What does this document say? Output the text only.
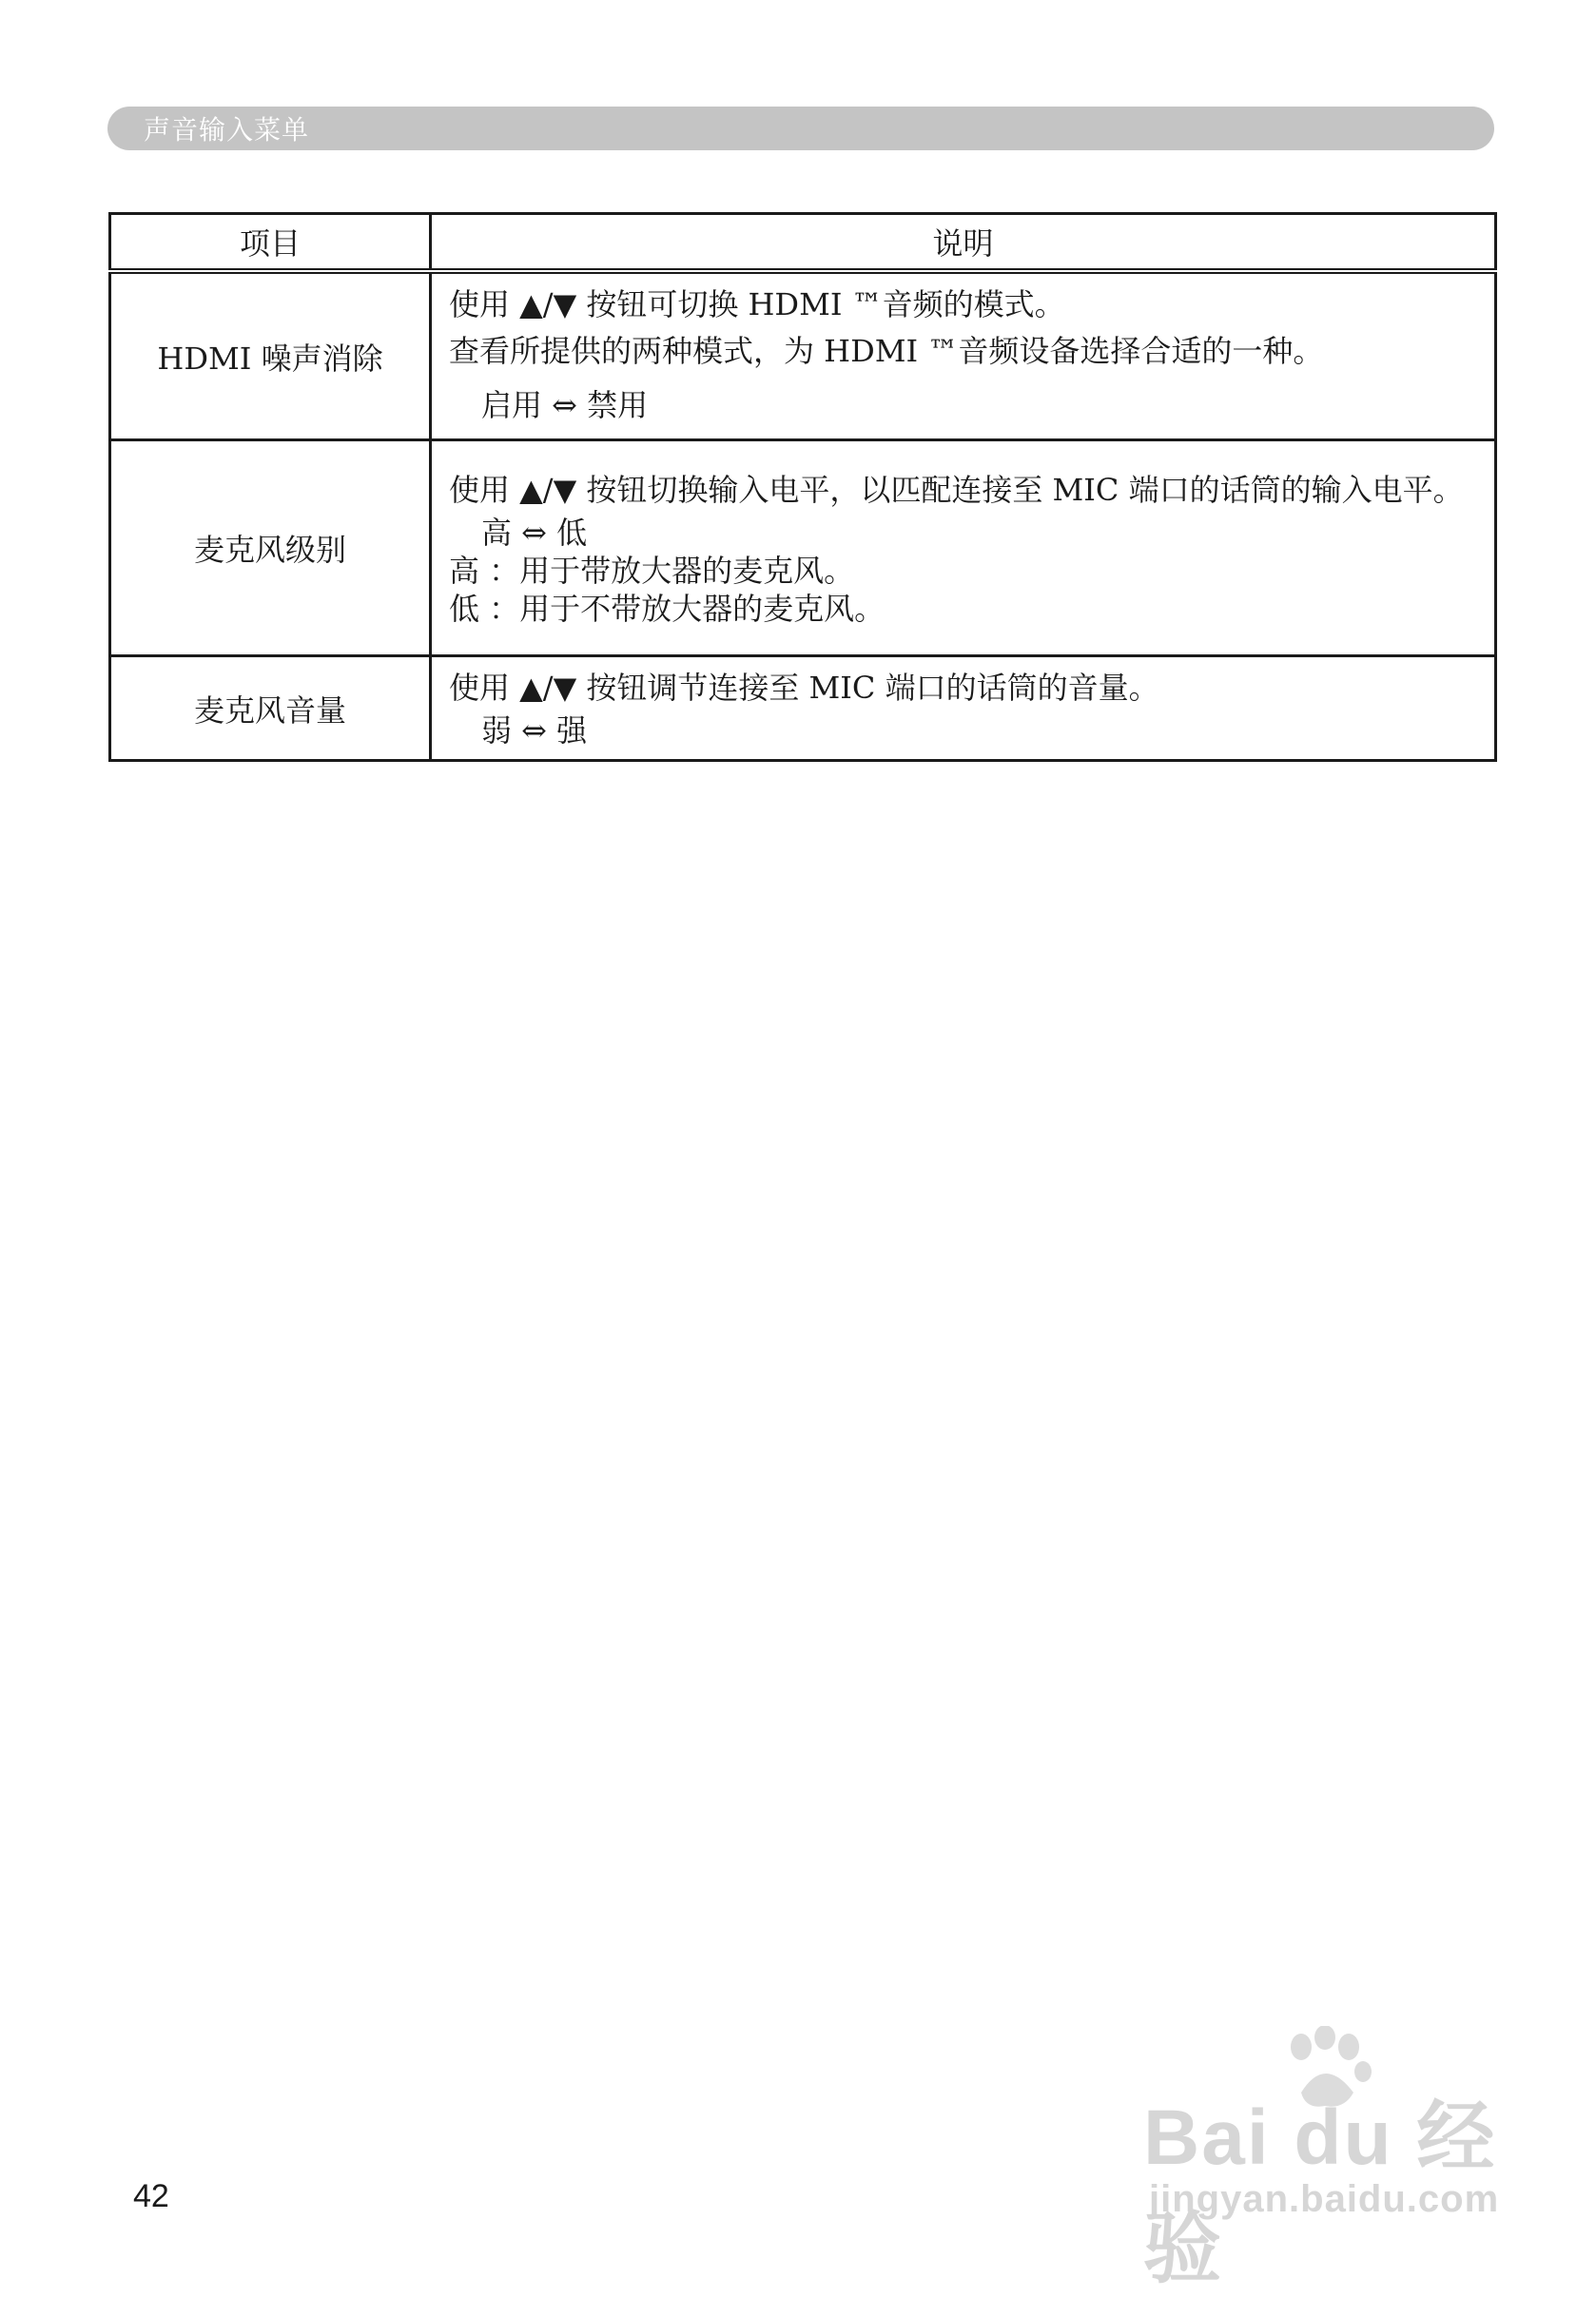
声音输入菜单
项目	说明
HDMI 噪声消除	使用 ▲/▼ 按钮可切换 HDMI ™音频的模式。
查看所提供的两种模式，为 HDMI ™音频设备选择合适的一种。
启用 ⇔ 禁用

麦克风级别	使用 ▲/▼ 按钮切换输入电平，以匹配连接至 MIC 端口的话筒的输入电平。
高 ⇔ 低
高 ：用于带放大器的麦克风。
低 ：用于不带放大器的麦克风。

麦克风音量	使用 ▲/▼ 按钮调节连接至 MIC 端口的话筒的音量。
弱 ⇔ 强
42
Bai du 经验
jingyan.baidu.com
